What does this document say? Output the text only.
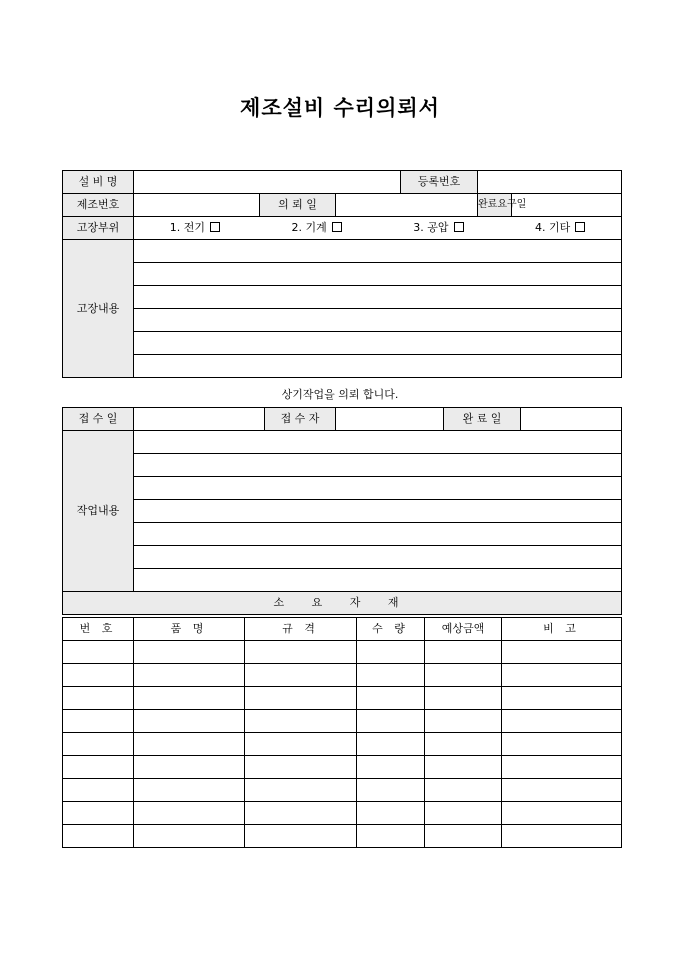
제조설비 수리의뢰서
설 비 명				등록번호		
제조번호		의 뢰 일			완료요구일	
고장부위	1. 전기 2. 기계 3. 공압 4. 기타					

고장내용						

상기작업을 의뢰 합니다.
접 수 일		접 수 자		완 료 일	
작업내용					

소 요 자 재					
번 호	품 명	규 격	수 량	예상금액	비 고
